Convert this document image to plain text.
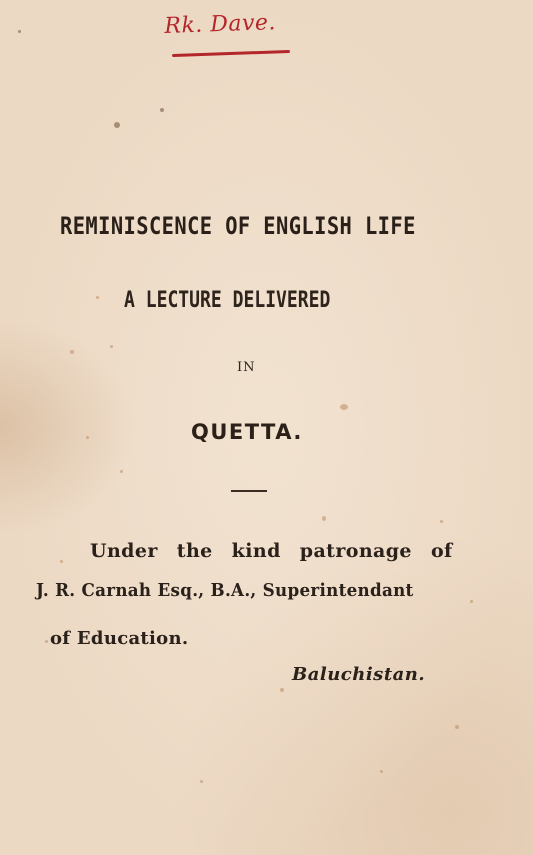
Rk. Dave.
REMINISCENCE OF ENGLISH LIFE
A LECTURE DELIVERED
IN
QUETTA.
Under the kind patronage of
J. R. Carnah Esq., B.A., Superintendant
of Education.
Baluchistan.
